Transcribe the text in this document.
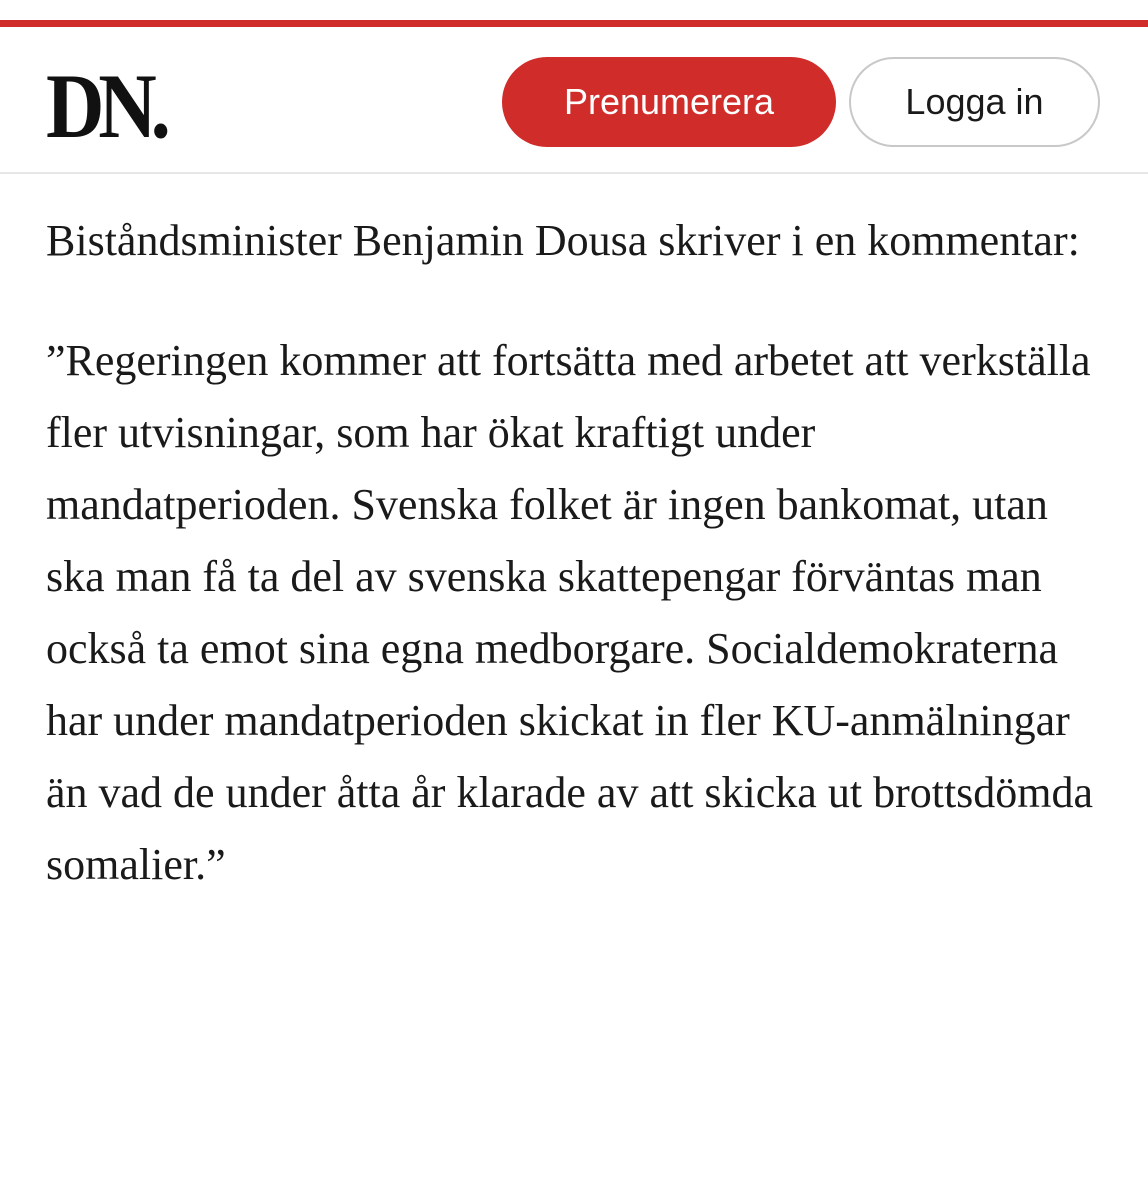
DN.	Prenumerera	Logga in

Biståndsminister Benjamin Dousa skriver i en kommentar:

”Regeringen kommer att fortsätta med arbetet att verkställa fler utvisningar, som har ökat kraftigt under mandatperioden. Svenska folket är ingen bankomat, utan ska man få ta del av svenska skattepengar förväntas man också ta emot sina egna medborgare. Socialdemokraterna har under mandatperioden skickat in fler KU-anmälningar än vad de under åtta år klarade av att skicka ut brottsdömda somalier.”
